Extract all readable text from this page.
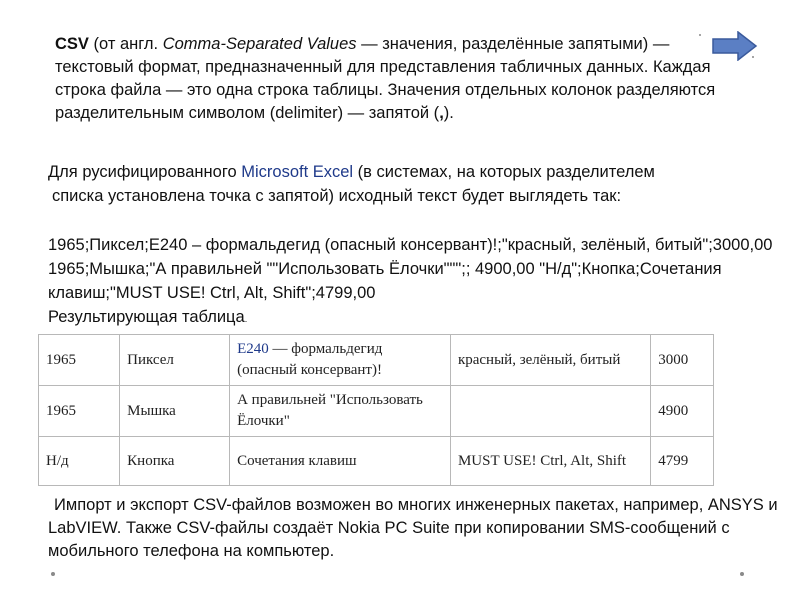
CSV (от англ. Comma-Separated Values — значения, разделённые запятыми) — текстовый формат, предназначенный для представления табличных данных. Каждая строка файла — это одна строка таблицы. Значения отдельных колонок разделяются разделительным символом (delimiter) — запятой (,).
Для русифицированного Microsoft Excel (в системах, на которых разделителем
списка установлена точка с запятой) исходный текст будет выглядеть так:
1965;Пиксел;E240 – формальдегид (опасный консервант)!;"красный, зелёный, битый";3000,00 1965;Мышка;"А правильней ""Использовать Ёлочки""";; 4900,00 "Н/д";Кнопка;Сочетания клавиш;"MUST USE! Ctrl, Alt, Shift";4799,00
Результирующая таблица.
1965	Пиксел	E240 — формальдегид (опасный консервант)!	красный, зелёный, битый	3000
1965	Мышка	А правильней "Использовать Ёлочки"		4900
Н/д	Кнопка	Сочетания клавиш	MUST USE! Ctrl, Alt, Shift	4799
Импорт и экспорт CSV-файлов возможен во многих инженерных пакетах, например, ANSYS и LabVIEW. Также CSV-файлы создаёт Nokia PC Suite при копировании SMS-сообщений с мобильного телефона на компьютер.
